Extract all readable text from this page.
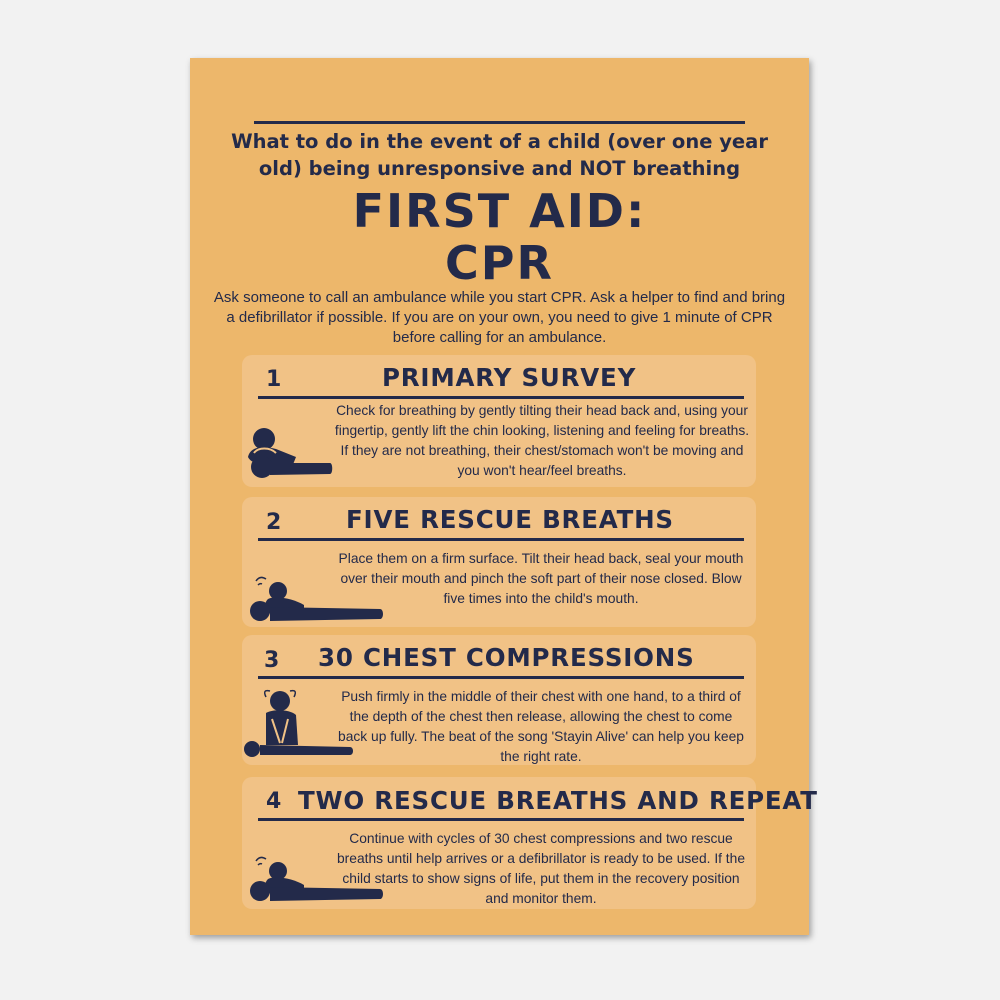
What to do in the event of a child (over one year old) being unresponsive and NOT breathing
FIRST AID:
CPR
Ask someone to call an ambulance while you start CPR. Ask a helper to find and bring a defibrillator if possible. If you are on your own, you need to give 1 minute of CPR before calling for an ambulance.
1	PRIMARY SURVEY
Check for breathing by gently tilting their head back and, using your fingertip, gently lift the chin looking, listening and feeling for breaths. If they are not breathing, their chest/stomach won't be moving and you won't hear/feel breaths.
2	FIVE RESCUE BREATHS
Place them on a firm surface. Tilt their head back, seal your mouth over their mouth and pinch the soft part of their nose closed. Blow five times into the child's mouth.
3 30 CHEST COMPRESSIONS
Push firmly in the middle of their chest with one hand, to a third of the depth of the chest then release, allowing the chest to come back up fully. The beat of the song 'Stayin Alive' can help you keep the right rate.
4 TWO RESCUE BREATHS AND REPEAT
Continue with cycles of 30 chest compressions and two rescue breaths until help arrives or a defibrillator is ready to be used. If the child starts to show signs of life, put them in the recovery position and monitor them.
